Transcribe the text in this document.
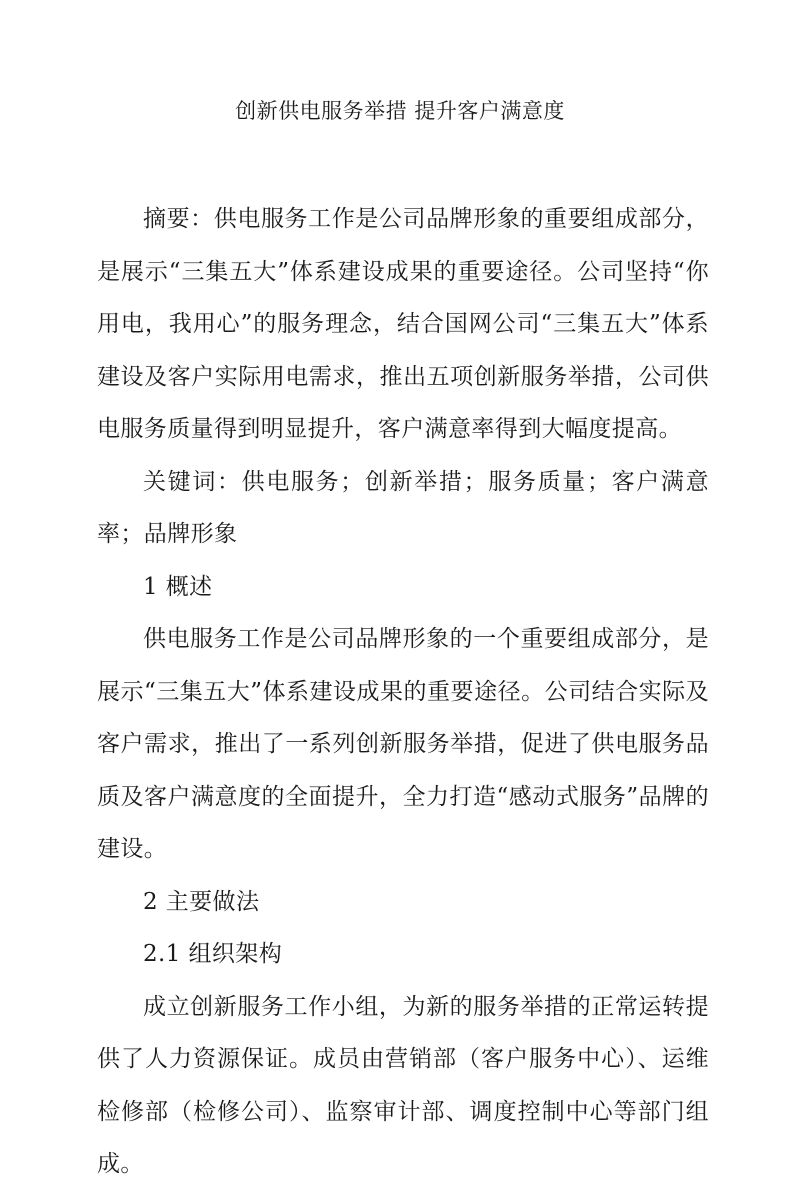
创新供电服务举措 提升客户满意度

摘要：供电服务工作是公司品牌形象的重要组成部分，是展示“三集五大”体系建设成果的重要途径。公司坚持“你用电，我用心”的服务理念，结合国网公司“三集五大”体系建设及客户实际用电需求，推出五项创新服务举措，公司供电服务质量得到明显提升，客户满意率得到大幅度提高。

关键词：供电服务；创新举措；服务质量；客户满意率；品牌形象

1 概述

供电服务工作是公司品牌形象的一个重要组成部分，是展示“三集五大”体系建设成果的重要途径。公司结合实际及客户需求，推出了一系列创新服务举措，促进了供电服务品质及客户满意度的全面提升，全力打造“感动式服务”品牌的建设。

2 主要做法

2.1 组织架构

成立创新服务工作小组，为新的服务举措的正常运转提供了人力资源保证。成员由营销部（客户服务中心）、运维检修部（检修公司）、监察审计部、调度控制中心等部门组成。
